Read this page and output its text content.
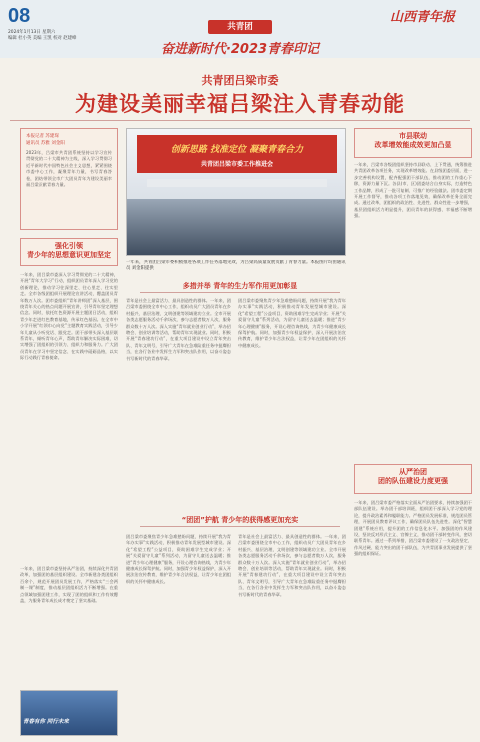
08
2024年1月13日 星期六
编辑 杜小英 美编 王凯 校对 赵建峰
共青团
奋进新时代·2023青春印记
山西青年报
共青团吕梁市委
为建设美丽幸福吕梁注入青春动能
本报记者 苏建琛
通讯员 苏雅 刘金阳
2023年，吕梁市共青团系统坚持以学习宣传贯彻党的二十大精神为主线，深入学习贯彻习近平新时代中国特色社会主义思想，紧紧围绕市委中心工作，凝聚青年力量，书写青春答卷，团结带领全市广大团员青年为建设美丽幸福吕梁贡献青春力量。
创新思路 找准定位 凝聚青春合力
共青团吕梁市委工作推进会
一年来，共青团吕梁市委积极推进各项工作任务落地见效，为吕梁高质量发展贡献了青春力量。本报图片均由通讯员 刘金阳提供
市县联动
改革增效能成效更加凸显
一年来，吕梁市各级团组织坚持市县联动、上下贯通，统筹推进共青团改革各项任务，实现改革增效能。在县级团委层面，进一步完善机构设置，配齐配强团干部队伍，推动团的工作重心下移，资源力量下沉。各县(市、区)团委结合自身实际，打造特色工作品牌，形成了一批可复制、可推广的经验做法。团市委定期开展工作督导，推动各项工作落地见效，确保改革任务全面完成。通过改革，团组织的政治性、先进性、群众性进一步增强，基层团组织活力明显提升，团员青年的获得感、幸福感不断增强。
强化引领
青少年的思想意识更加坚定
一年来，团吕梁市委深入学习贯彻党的二十大精神，开展“青年大学习”行动，组织团员青年深入学习党的创新理论，推动学习往深里走、往心里走、往实里走。全市各级团组织开展理论宣讲活动，覆盖团员青年数万人次。团市委组织“青年讲师团”深入基层，围绕青年关心的热点问题开展宣讲，引导青年坚定理想信念。同时，依托红色资源开展主题团日活动，组织青少年走进红色教育基地，传承红色基因。在全市中小学开展“红领巾心向党”主题教育实践活动，引导少年儿童从小听党话、跟党走。团干部带头深入基层联系青年，倾听青年心声，帮助青年解决实际困难，切实增强了团组织的引领力、组织力和服务力。广大团员青年在学习中坚定信念、在实践中砥砺品格，以实际行动践行青春使命。
一年来，团吕梁市委坚持从严治团，持续深化共青团改革，加强团的基层组织建设。全市新建各类团组织百余个，规范开展团员发展工作，严格落实“三会两制一课”制度，推动基层团组织活力不断增强。在重点领域加强团建工作，实现了团的组织和工作有效覆盖，为服务青年成长成才奠定了坚实基础。
青春有你 同行未来
多措并举 青年的生力军作用更加彰显
青年是社会上最富活力、最具创造性的群体。一年来，团吕梁市委围绕全市中心工作，组织动员广大团员青年在乡村振兴、基层治理、文明创建等领域建功立业。全市开展各类志愿服务活动千余场次，参与志愿者数万人次，服务群众数十万人次。深入实施“青年就业创业行动”，举办招聘会、创业培训等活动，帮助青年实现就业。同时，积极开展“青春建功行动”，在重大项目建设中设立青年突击队、青年文明号，引导广大青年在急难险重任务中挺膺担当，在各行各业中发挥生力军和突击队作用，以奋斗姿态书写新时代的青春华章。
团吕梁市委聚焦青少年急难愁盼问题，持续开展“我为青年办实事”实践活动，积极推动青年发展型城市建设。深化“希望工程”公益项目，资助困难学生完成学业；开展“关爱留守儿童”系列活动，为留守儿童送去温暖；推进“青少年心理健康”服务，开设心理咨询热线，为青少年健康成长保驾护航。同时，加强青少年权益保护，深入开展法治宣传教育，维护青少年合法权益，让青少年在团组织的关怀中健康成长。
“团团”护航 青少年的获得感更加充实
团吕梁市委聚焦青少年急难愁盼问题，持续开展“我为青年办实事”实践活动，积极推动青年发展型城市建设。深化“希望工程”公益项目，资助困难学生完成学业；开展“关爱留守儿童”系列活动，为留守儿童送去温暖；推进“青少年心理健康”服务，开设心理咨询热线，为青少年健康成长保驾护航。同时，加强青少年权益保护，深入开展法治宣传教育，维护青少年合法权益，让青少年在团组织的关怀中健康成长。
青年是社会上最富活力、最具创造性的群体。一年来，团吕梁市委围绕全市中心工作，组织动员广大团员青年在乡村振兴、基层治理、文明创建等领域建功立业。全市开展各类志愿服务活动千余场次，参与志愿者数万人次，服务群众数十万人次。深入实施“青年就业创业行动”，举办招聘会、创业培训等活动，帮助青年实现就业。同时，积极开展“青春建功行动”，在重大项目建设中设立青年突击队、青年文明号，引导广大青年在急难险重任务中挺膺担当，在各行各业中发挥生力军和突击队作用，以奋斗姿态书写新时代的青春华章。
从严治团
团的队伍建设力度更强
一年来，团吕梁市委严格落实全面从严治团要求，持续加强团干部队伍建设。举办团干部培训班，组织团干部深入学习党的理论，提升政治素养和履职能力。严格团员发展标准，规范团员管理，开展团员教育评议工作，确保团员队伍先进性。深化“智慧团建”系统应用，提升团的工作信息化水平。加强团的作风建设，坚决反对形式主义、官僚主义，推动团干部转变作风，密切联系青年。通过一系列举措，团吕梁市委建设了一支政治坚定、作风过硬、能力突出的团干部队伍，为共青团事业发展提供了坚强的组织保证。
